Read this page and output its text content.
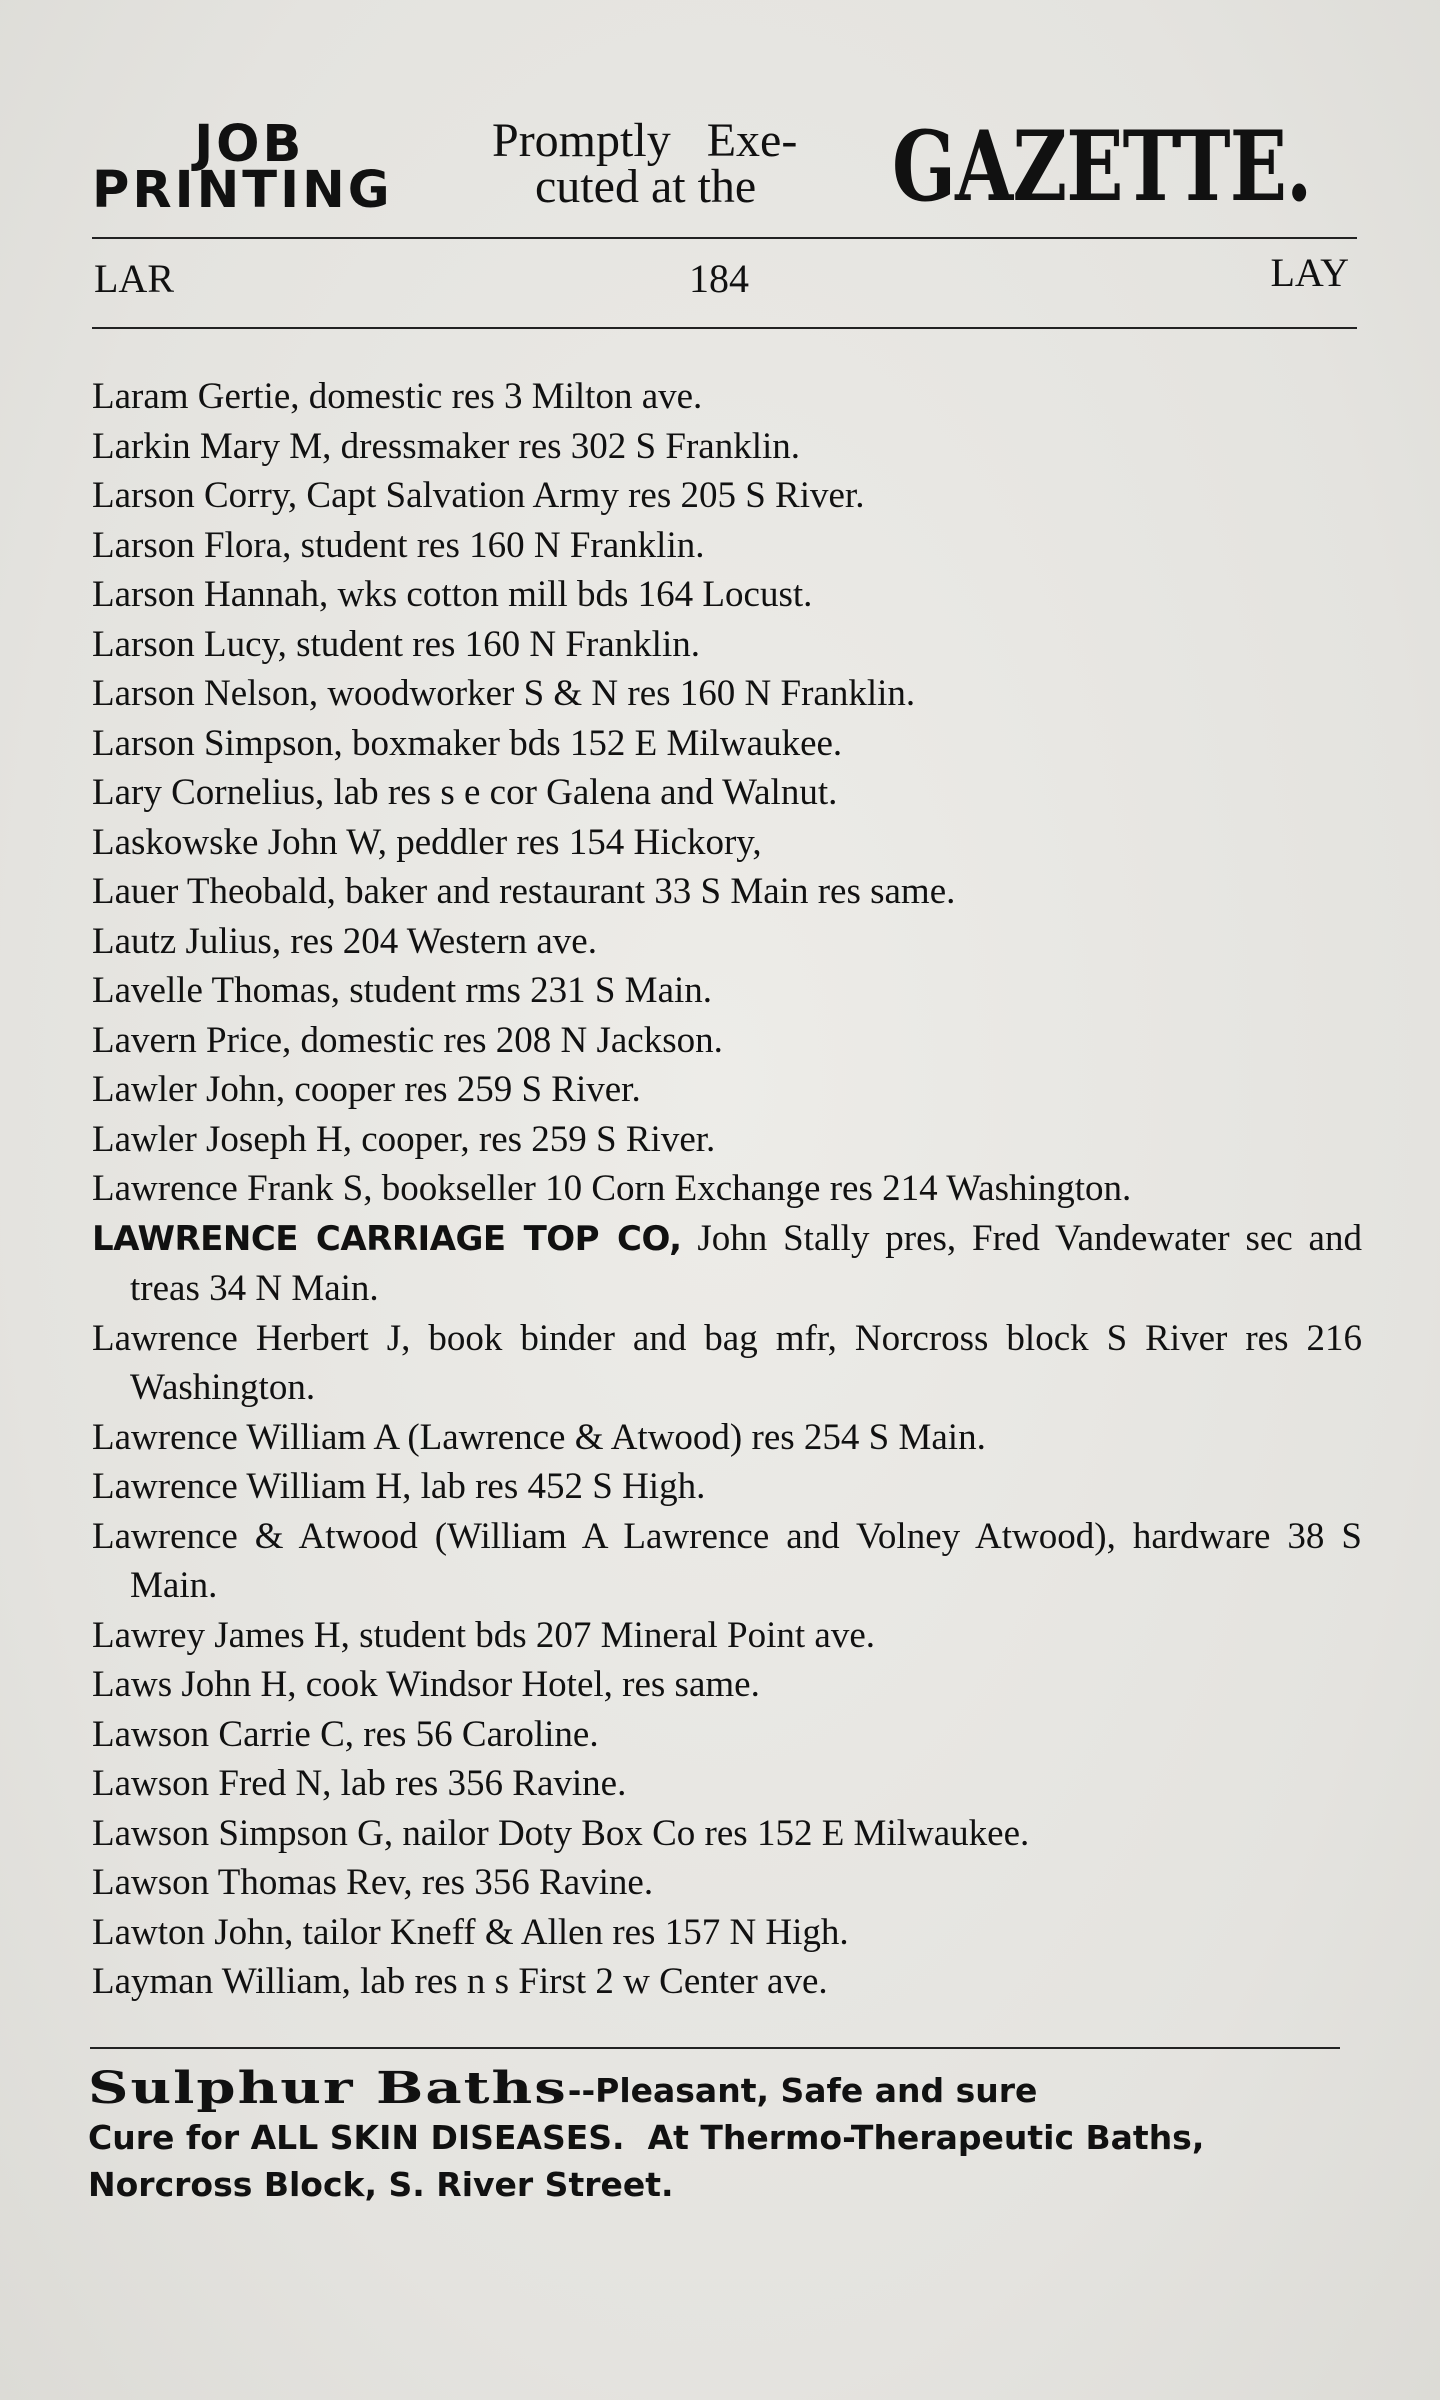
JOB
PRINTING
Promptly   Exe-
cuted at the	GAZETTE.
LAR	184	LAY
Laram Gertie, domestic res 3 Milton ave.
Larkin Mary M, dressmaker res 302 S Franklin.
Larson Corry, Capt Salvation Army res 205 S River.
Larson Flora, student res 160 N Franklin.
Larson Hannah, wks cotton mill bds 164 Locust.
Larson Lucy, student res 160 N Franklin.
Larson Nelson, woodworker S & N res 160 N Franklin.
Larson Simpson, boxmaker bds 152 E Milwaukee.
Lary Cornelius, lab res s e cor Galena and Walnut.
Laskowske John W, peddler res 154 Hickory,
Lauer Theobald, baker and restaurant 33 S Main res same.
Lautz Julius, res 204 Western ave.
Lavelle Thomas, student rms 231 S Main.
Lavern Price, domestic res 208 N Jackson.
Lawler John, cooper res 259 S River.
Lawler Joseph H, cooper, res 259 S River.
Lawrence Frank S, bookseller 10 Corn Exchange res 214 Washington.
LAWRENCE CARRIAGE TOP CO, John Stally pres, Fred Vandewater sec and treas 34 N Main.
Lawrence Herbert J, book binder and bag mfr, Norcross block S River res 216 Washington.
Lawrence William A (Lawrence & Atwood) res 254 S Main.
Lawrence William H, lab res 452 S High.
Lawrence & Atwood (William A Lawrence and Volney Atwood), hardware 38 S Main.
Lawrey James H, student bds 207 Mineral Point ave.
Laws John H, cook Windsor Hotel, res same.
Lawson Carrie C, res 56 Caroline.
Lawson Fred N, lab res 356 Ravine.
Lawson Simpson G, nailor Doty Box Co res 152 E Milwaukee.
Lawson Thomas Rev, res 356 Ravine.
Lawton John, tailor Kneff & Allen res 157 N High.
Layman William, lab res n s First 2 w Center ave.
Sulphur Baths--Pleasant, Safe and sure
Cure for ALL SKIN DISEASES.  At Thermo-Therapeutic Baths,
Norcross Block, S. River Street.
